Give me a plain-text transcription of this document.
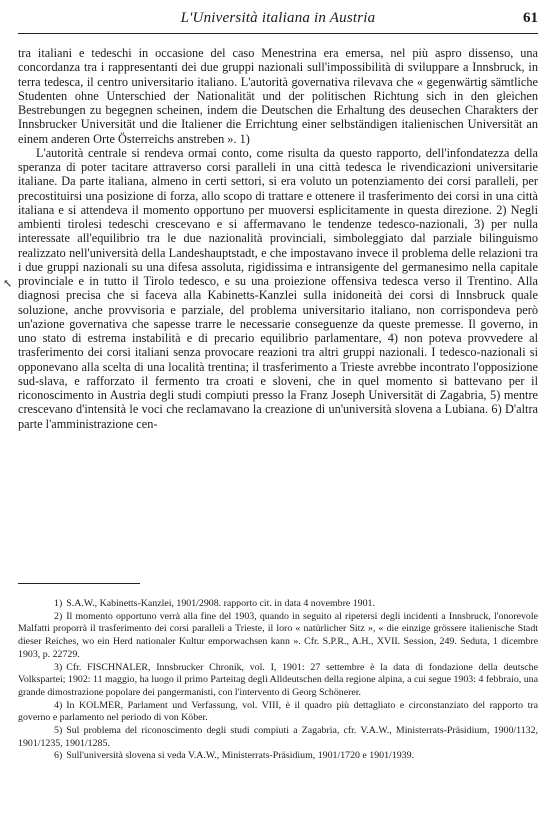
L'Università italiana in Austria	61
↖

tra italiani e tedeschi in occasione del caso Menestrina era emersa, nel più aspro dissenso, una concordanza tra i rappresentanti dei due gruppi nazionali sull'impossibilità di sviluppare a Innsbruck, in terra tedesca, il centro universitario italiano. L'autorità governativa rilevava che « gegenwärtig sämtliche Studenten ohne Unterschied der Nationalität und der politischen Richtung sich in den gleichen Bestrebungen zu begegnen scheinen, indem die Deutschen die Erhaltung des deusechen Charakters der Innsbrucker Universität und die Italiener die Errichtung einer selbständigen italienischen Universität an einem anderen Orte Österreichs anstreben ». 1)

L'autorità centrale si rendeva ormai conto, come risulta da questo rapporto, dell'infondatezza della speranza di poter tacitare attraverso corsi paralleli in una città tedesca le rivendicazioni universitarie italiane. Da parte italiana, almeno in certi settori, si era voluto un potenziamento dei corsi paralleli, per precostituirsi una posizione di forza, allo scopo di trattare e ottenere il trasferimento dei corsi in una città italiana e si attendeva il momento opportuno per muoversi esplicitamente in questa direzione. 2) Negli ambienti tirolesi tedeschi crescevano e si affermavano le tendenze tedesco-nazionali, 3) per nulla interessate all'equilibrio tra le due nazionalità provinciali, simboleggiato dal parziale bilinguismo realizzato nell'università della Landeshauptstadt, e che impostavano invece il problema delle relazioni tra i due gruppi nazionali su una difesa assoluta, rigidissima e intransigente del germanesimo nella capitale provinciale e in tutto il Tirolo tedesco, e su una proiezione offensiva tedesca verso il Trentino. Alla diagnosi precisa che si faceva alla Kabinetts-Kanzlei sulla inidoneità dei corsi di Innsbruck quale soluzione, anche provvisoria e parziale, del problema universitario italiano, non corrispondeva però un'azione governativa che sapesse trarre le necessarie conseguenze da queste premesse. Il governo, in uno stato di estrema instabilità e di precario equilibrio parlamentare, 4) non poteva provvedere al trasferimento dei corsi italiani senza provocare reazioni tra altri gruppi nazionali. I tedesco-nazionali si opponevano alla scelta di una località trentina; il trasferimento a Trieste avrebbe incontrato l'opposizione sud-slava, e rafforzato il fermento tra croati e sloveni, che in quel momento si battevano per il riconoscimento in Austria degli studi compiuti presso la Franz Joseph Universität di Zagabria, 5) mentre crescevano d'intensità le voci che reclamavano la creazione di un'università slovena a Lubiana. 6) D'altra parte l'amministrazione cen-

1) S.A.W., Kabinetts-Kanzlei, 1901/2908. rapporto cit. in data 4 novembre 1901.

2) Il momento opportuno verrà alla fine del 1903, quando in seguito al ripetersi degli incidenti a Innsbruck, l'onorevole Malfatti proporrà il trasferimento dei corsi paralleli a Trieste, il loro « natürlicher Sitz », « die einzige grössere italienische Stadt dieser Reiches, wo ein Herd nationaler Kultur emporwachsen kann ». Cfr. S.P.R., A.H., XVII. Session, 249. Seduta, 1 dicembre 1903, p. 22729.

3) Cfr. FISCHNALER, Innsbrucker Chronik, vol. I, 1901: 27 settembre è la data di fondazione della deutsche Volkspartei; 1902: 11 maggio, ha luogo il primo Parteitag degli Alldeutschen della regione alpina, a cui segue 1903: 4 febbraio, una grande dimostrazione popolare dei pangermanisti, con l'intervento di Georg Schönerer.

4) In KOLMER, Parlament und Verfassung, vol. VIII, è il quadro più dettagliato e circonstanziato del rapporto tra governo e parlamento nel periodo di von Köber.

5) Sul problema del riconoscimento degli studi compiuti a Zagabria, cfr. V.A.W., Ministerrats-Präsidium, 1900/1132, 1901/1235, 1901/1285.

6) Sull'università slovena si veda V.A.W., Ministerrats-Präsidium, 1901/1720 e 1901/1939.
